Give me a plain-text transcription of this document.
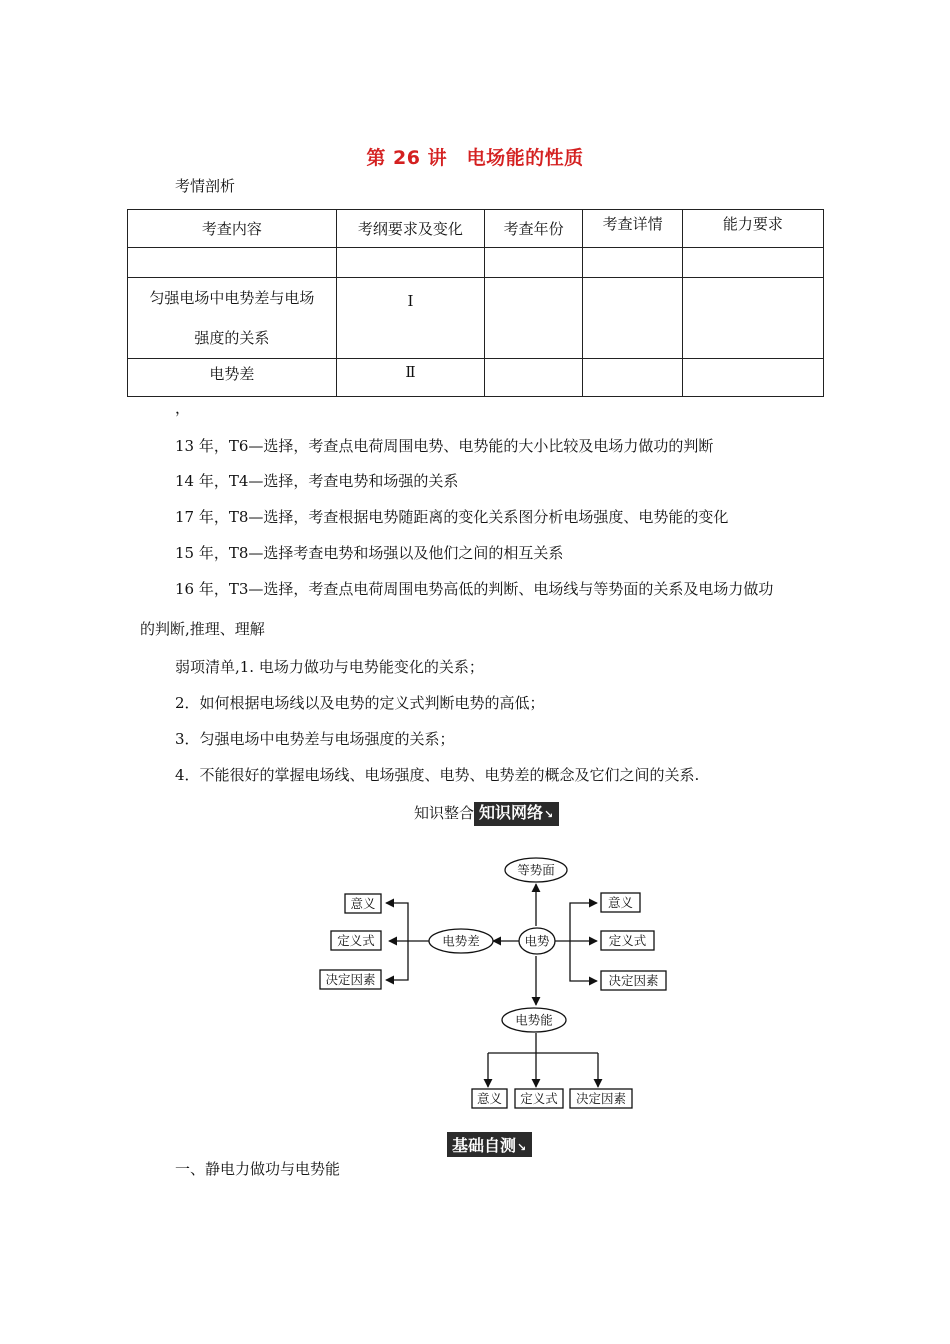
第 26 讲　电场能的性质
考情剖析
考查内容	考纲要求及变化	考查年份	考查详情	能力要求

匀强电场中电势差与电场强度的关系	Ⅰ			
电势差	Ⅱ			
，
13 年，T6—选择，考查点电荷周围电势、电势能的大小比较及电场力做功的判断
14 年，T4—选择，考查电势和场强的关系
17 年，T8—选择，考查根据电势随距离的变化关系图分析电场强度、电势能的变化
15 年，T8—选择考查电势和场强以及他们之间的相互关系
16 年，T3—选择，考查点电荷周围电势高低的判断、电场线与等势面的关系及电场力做功
的判断,推理、理解
弱项清单,1. 电场力做功与电势能变化的关系；
2．如何根据电场线以及电势的定义式判断电势的高低；
3．匀强电场中电势差与电场强度的关系；
4．不能很好的掌握电场线、电场强度、电势、电势差的概念及它们之间的关系.
知识整合 知识网络↘
等势面
电势
电势差
电势能
意义
定义式
决定因素
意义
定义式
决定因素
意义 定义式 决定因素
基础自测↘
一、静电力做功与电势能
